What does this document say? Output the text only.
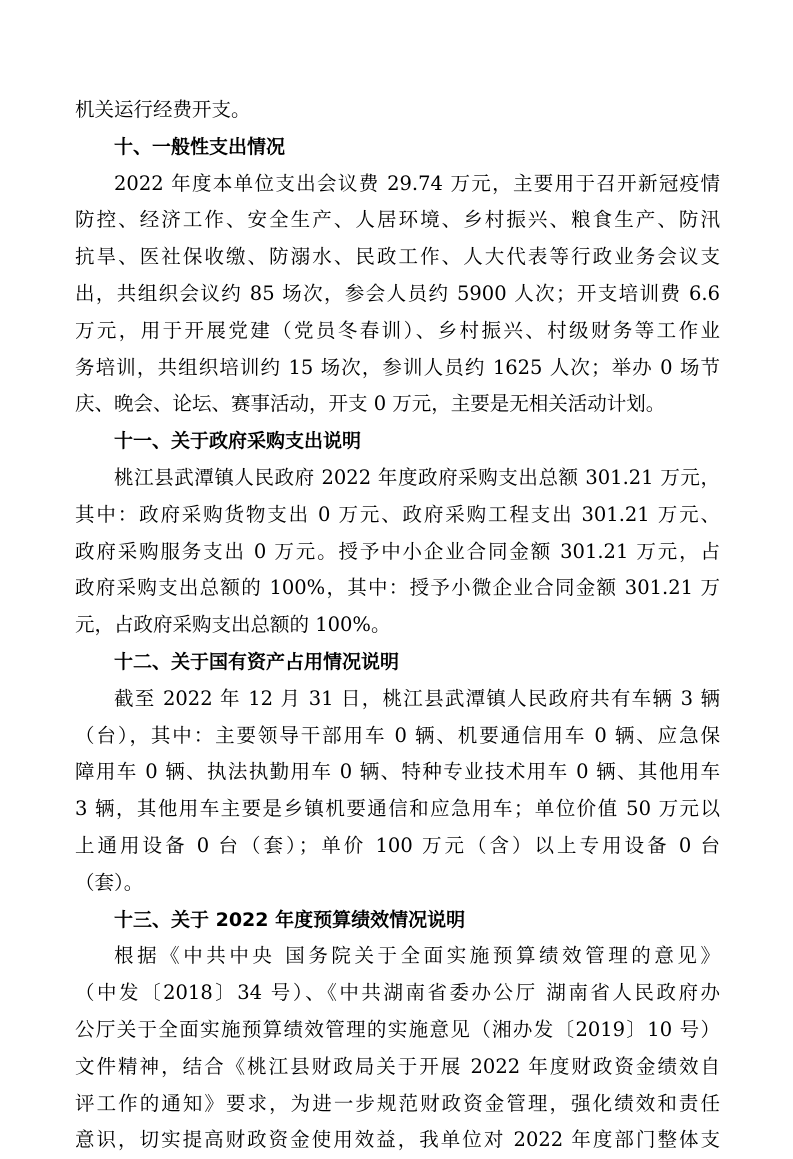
机关运行经费开支。
十、一般性支出情况
2022 年度本单位支出会议费 29.74 万元，主要用于召开新冠疫情
防控、经济工作、安全生产、人居环境、乡村振兴、粮食生产、防汛
抗旱、医社保收缴、防溺水、民政工作、人大代表等行政业务会议支
出，共组织会议约 85 场次，参会人员约 5900 人次；开支培训费 6.6
万元，用于开展党建（党员冬春训）、乡村振兴、村级财务等工作业
务培训，共组织培训约 15 场次，参训人员约 1625 人次；举办 0 场节
庆、晚会、论坛、赛事活动，开支 0 万元，主要是无相关活动计划。
十一、关于政府采购支出说明
桃江县武潭镇人民政府 2022 年度政府采购支出总额 301.21 万元，
其中：政府采购货物支出 0 万元、政府采购工程支出 301.21 万元、
政府采购服务支出 0 万元。授予中小企业合同金额 301.21 万元，占
政府采购支出总额的 100%，其中：授予小微企业合同金额 301.21 万
元，占政府采购支出总额的 100%。
十二、关于国有资产占用情况说明
截至 2022 年 12 月 31 日，桃江县武潭镇人民政府共有车辆 3 辆
（台），其中：主要领导干部用车 0 辆、机要通信用车 0 辆、应急保
障用车 0 辆、执法执勤用车 0 辆、特种专业技术用车 0 辆、其他用车
3 辆，其他用车主要是乡镇机要通信和应急用车；单位价值 50 万元以
上通用设备 0 台（套）；单价 100 万元（含）以上专用设备 0 台
（套）。
十三、关于 2022 年度预算绩效情况说明
根据《中共中央 国务院关于全面实施预算绩效管理的意见》
（中发〔2018〕34 号）、《中共湖南省委办公厅 湖南省人民政府办
公厅关于全面实施预算绩效管理的实施意见（湘办发〔2019〕10 号）
文件精神，结合《桃江县财政局关于开展 2022 年度财政资金绩效自
评工作的通知》要求，为进一步规范财政资金管理，强化绩效和责任
意识，切实提高财政资金使用效益，我单位对 2022 年度部门整体支
